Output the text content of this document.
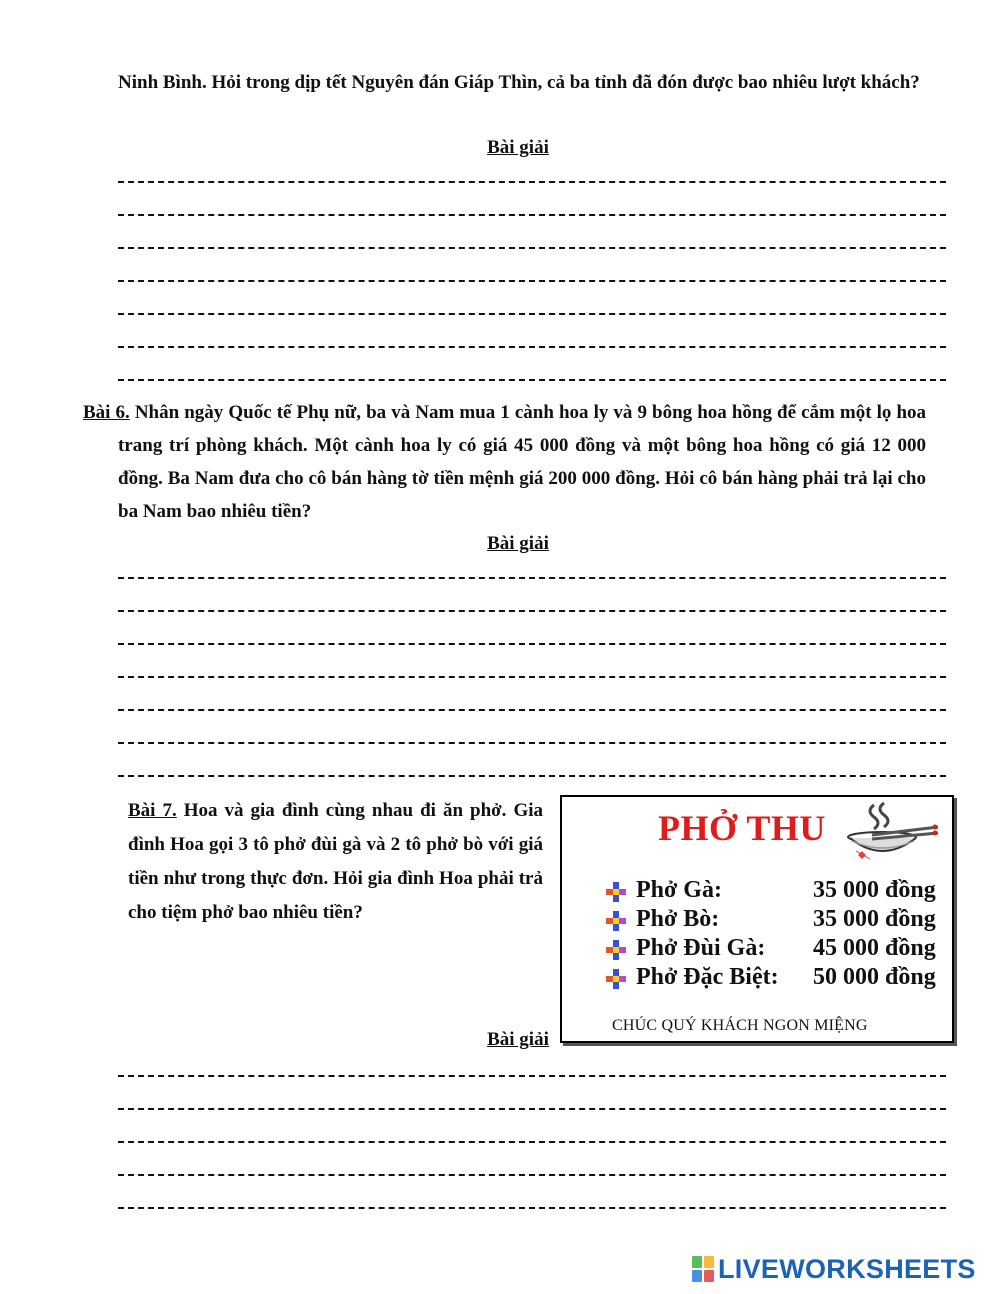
Ninh Bình. Hỏi trong dịp tết Nguyên đán Giáp Thìn, cả ba tỉnh đã đón được bao nhiêu lượt khách?
Bài giải
Bài 6. Nhân ngày Quốc tế Phụ nữ, ba và Nam mua 1 cành hoa ly và 9 bông hoa hồng để cắm một lọ hoa trang trí phòng khách. Một cành hoa ly có giá 45 000 đồng và một bông hoa hồng có giá 12 000 đồng. Ba Nam đưa cho cô bán hàng tờ tiền mệnh giá 200 000 đồng. Hỏi cô bán hàng phải trả lại cho ba Nam bao nhiêu tiền?
Bài giải
Bài 7. Hoa và gia đình cùng nhau đi ăn phở. Gia đình Hoa gọi 3 tô phở đùi gà và 2 tô phở bò với giá tiền như trong thực đơn. Hỏi gia đình Hoa phải trả cho tiệm phở bao nhiêu tiền?
PHỞ THU
Phở Gà:	35 000 đồng
Phở Bò:	35 000 đồng
Phở Đùi Gà: 45 000 đồng
Phở Đặc Biệt: 50 000 đồng
CHÚC QUÝ KHÁCH NGON MIỆNG
Bài giải
LIVEWORKSHEETS
